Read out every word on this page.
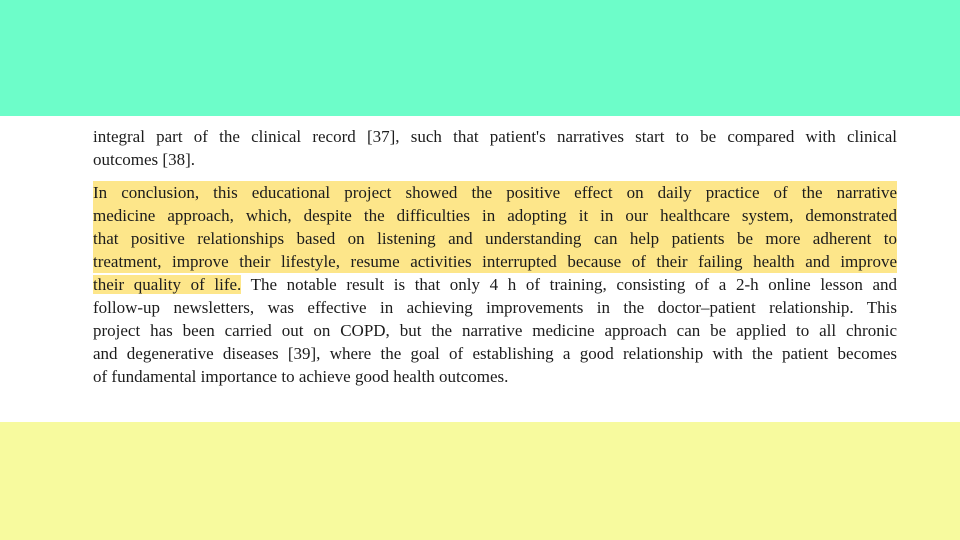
integral part of the clinical record [37], such that patient's narratives start to be compared with clinical
outcomes [38].
In conclusion, this educational project showed the positive effect on daily practice of the narrative
medicine approach, which, despite the difficulties in adopting it in our healthcare system, demonstrated
that positive relationships based on listening and understanding can help patients be more adherent to
treatment, improve their lifestyle, resume activities interrupted because of their failing health and improve
their quality of life. The notable result is that only 4 h of training, consisting of a 2-h online lesson and
follow-up newsletters, was effective in achieving improvements in the doctor–patient relationship. This
project has been carried out on COPD, but the narrative medicine approach can be applied to all chronic
and degenerative diseases [39], where the goal of establishing a good relationship with the patient becomes
of fundamental importance to achieve good health outcomes.
